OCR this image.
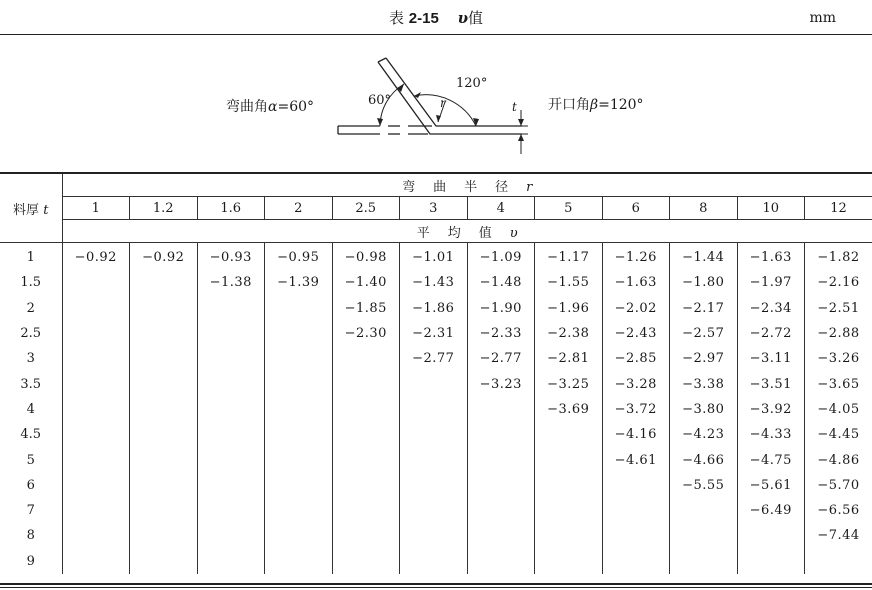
表 2-15 υ值	mm
弯曲角α=60°	60°
120°
r	t 开口角β=120°
料厚 t	弯曲半径r											
	1	1.2	1.6	2	2.5	3	4	5	6	8	10	12
	平均值υ											
1	−0.92	−0.92	−0.93	−0.95	−0.98	−1.01	−1.09	−1.17	−1.26	−1.44	−1.63	−1.82
1.5			−1.38	−1.39	−1.40	−1.43	−1.48	−1.55	−1.63	−1.80	−1.97	−2.16
2					−1.85	−1.86	−1.90	−1.96	−2.02	−2.17	−2.34	−2.51
2.5					−2.30	−2.31	−2.33	−2.38	−2.43	−2.57	−2.72	−2.88
3						−2.77	−2.77	−2.81	−2.85	−2.97	−3.11	−3.26
3.5							−3.23	−3.25	−3.28	−3.38	−3.51	−3.65
4								−3.69	−3.72	−3.80	−3.92	−4.05
4.5									−4.16	−4.23	−4.33	−4.45
5									−4.61	−4.66	−4.75	−4.86
6										−5.55	−5.61	−5.70
7											−6.49	−6.56
8												−7.44
9												
